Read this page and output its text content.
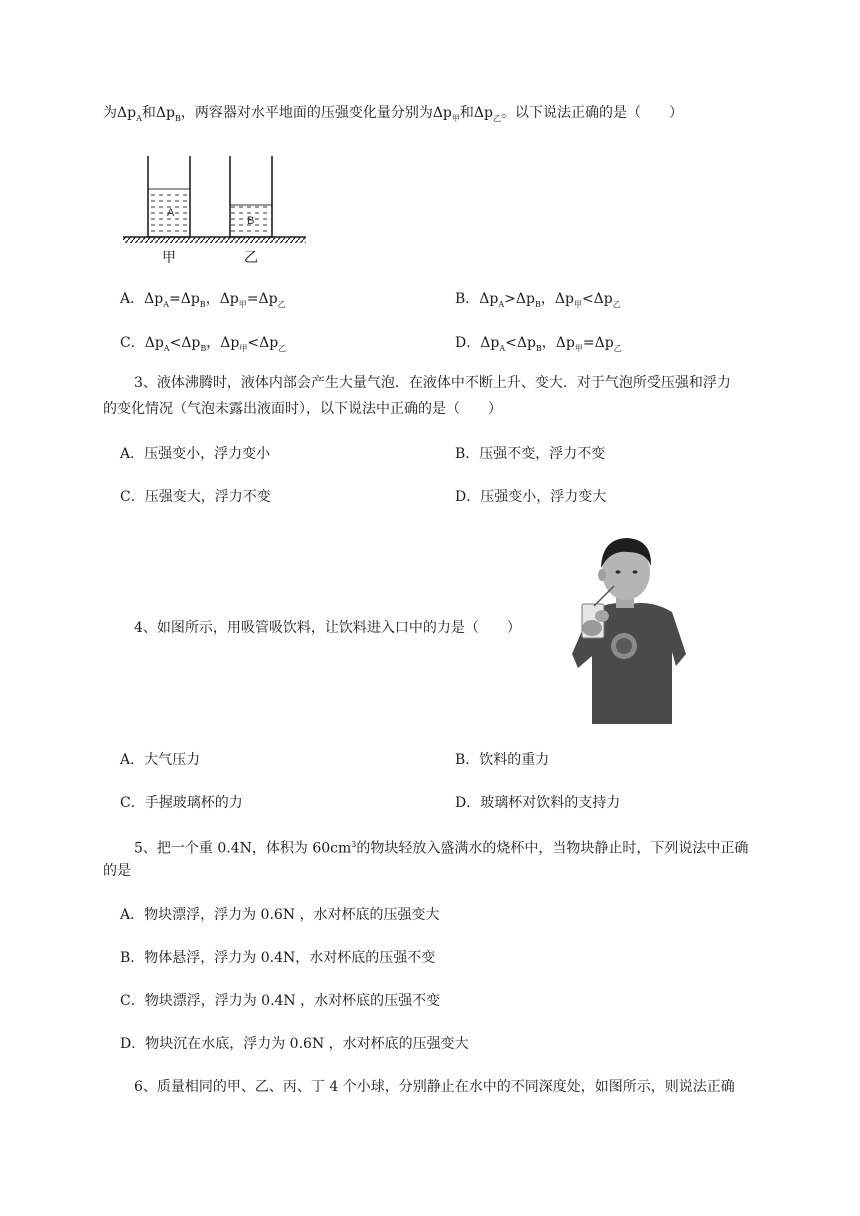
为$\Delta p_A$和$\Delta p_B$，两容器对水平地面的压强变化量分别为$\Delta p_甲$和$\Delta p_乙$。以下说法正确的是（　　）
A
B
甲	乙
A．$\Delta p_A=\Delta p_B$，$\Delta p_甲=\Delta p_乙$	B．$\Delta p_A>\Delta p_B$，$\Delta p_甲<\Delta p_乙$
C．$\Delta p_A<\Delta p_B$，$\Delta p_甲<\Delta p_乙$	D．$\Delta p_A<\Delta p_B$，$\Delta p_甲=\Delta p_乙$
3、液体沸腾时，液体内部会产生大量气泡．在液体中不断上升、变大．对于气泡所受压强和浮力
的变化情况（气泡未露出液面时），以下说法中正确的是（　　）
A．压强变小，浮力变小	B．压强不变，浮力不变
C．压强变大，浮力不变	D．压强变小，浮力变大
4、如图所示，用吸管吸饮料，让饮料进入口中的力是（　　）
A．大气压力	B．饮料的重力
C．手握玻璃杯的力	D．玻璃杯对饮料的支持力
5、把一个重 0.4N，体积为 $60cm^3$的物块轻放入盛满水的烧杯中，当物块静止时，下列说法中正确
的是
A．物块漂浮，浮力为 0.6N ，水对杯底的压强变大
B．物体悬浮，浮力为 0.4N，水对杯底的压强不变
C．物块漂浮，浮力为 0.4N ，水对杯底的压强不变
D．物块沉在水底，浮力为 0.6N ，水对杯底的压强变大
6、质量相同的甲、乙、丙、丁 4 个小球，分别静止在水中的不同深度处，如图所示，则说法正确
